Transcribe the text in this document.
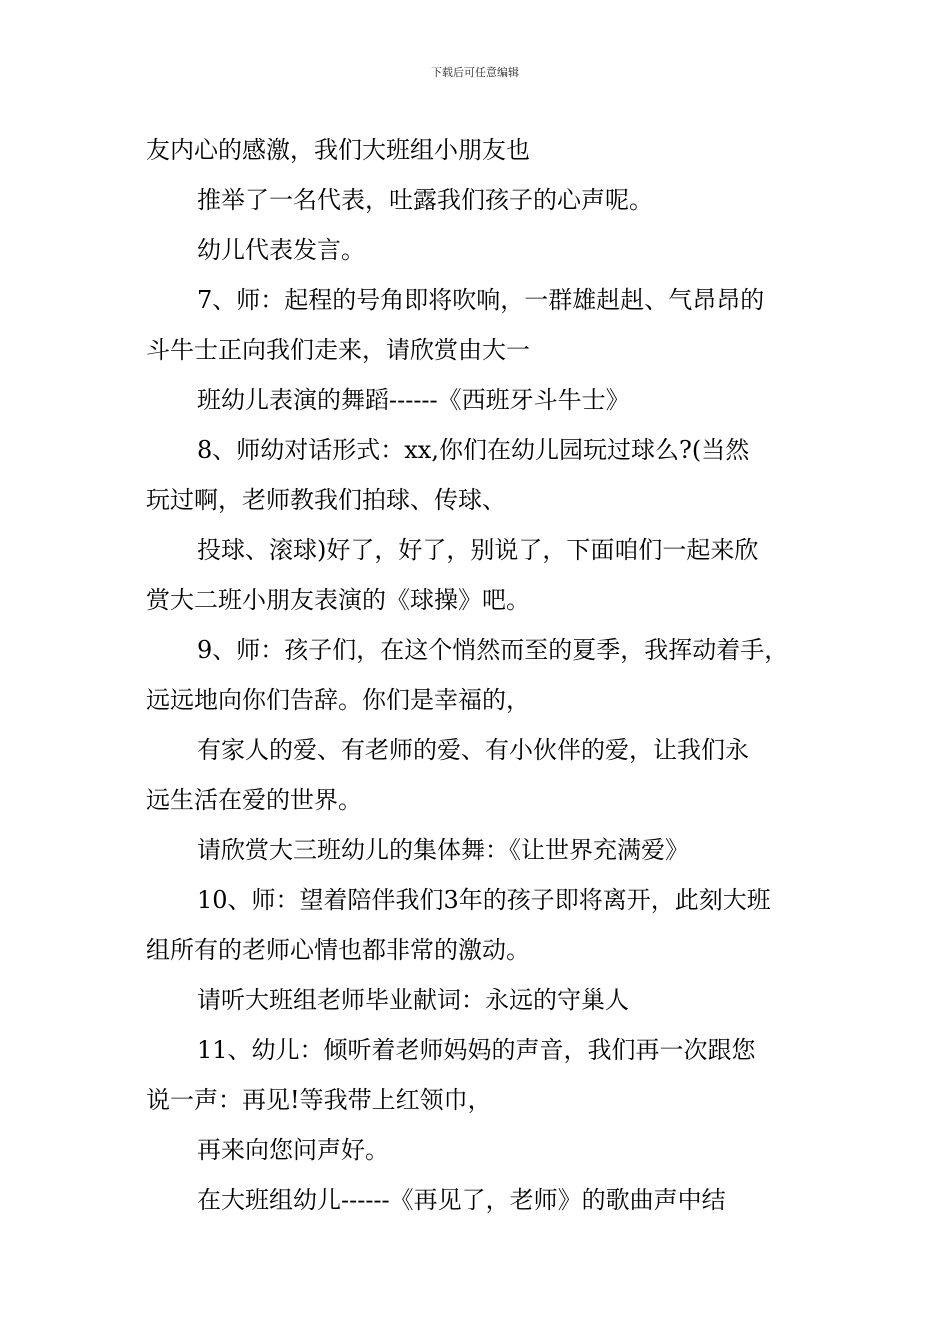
下载后可任意编辑
友内心的感激，我们大班组小朋友也
推举了一名代表，吐露我们孩子的心声呢。
幼儿代表发言。
7、师：起程的号角即将吹响，一群雄赳赳、气昂昂的
斗牛士正向我们走来，请欣赏由大一
班幼儿表演的舞蹈------《西班牙斗牛士》
8、师幼对话形式：xx,你们在幼儿园玩过球么?(当然
玩过啊，老师教我们拍球、传球、
投球、滚球)好了，好了，别说了，下面咱们一起来欣
赏大二班小朋友表演的《球操》吧。
9、师：孩子们，在这个悄然而至的夏季，我挥动着手，
远远地向你们告辞。你们是幸福的，
有家人的爱、有老师的爱、有小伙伴的爱，让我们永
远生活在爱的世界。
请欣赏大三班幼儿的集体舞：《让世界充满爱》
10、师：望着陪伴我们3年的孩子即将离开，此刻大班
组所有的老师心情也都非常的激动。
请听大班组老师毕业献词：永远的守巢人
11、幼儿：倾听着老师妈妈的声音，我们再一次跟您
说一声：再见!等我带上红领巾，
再来向您问声好。
在大班组幼儿------《再见了，老师》的歌曲声中结
